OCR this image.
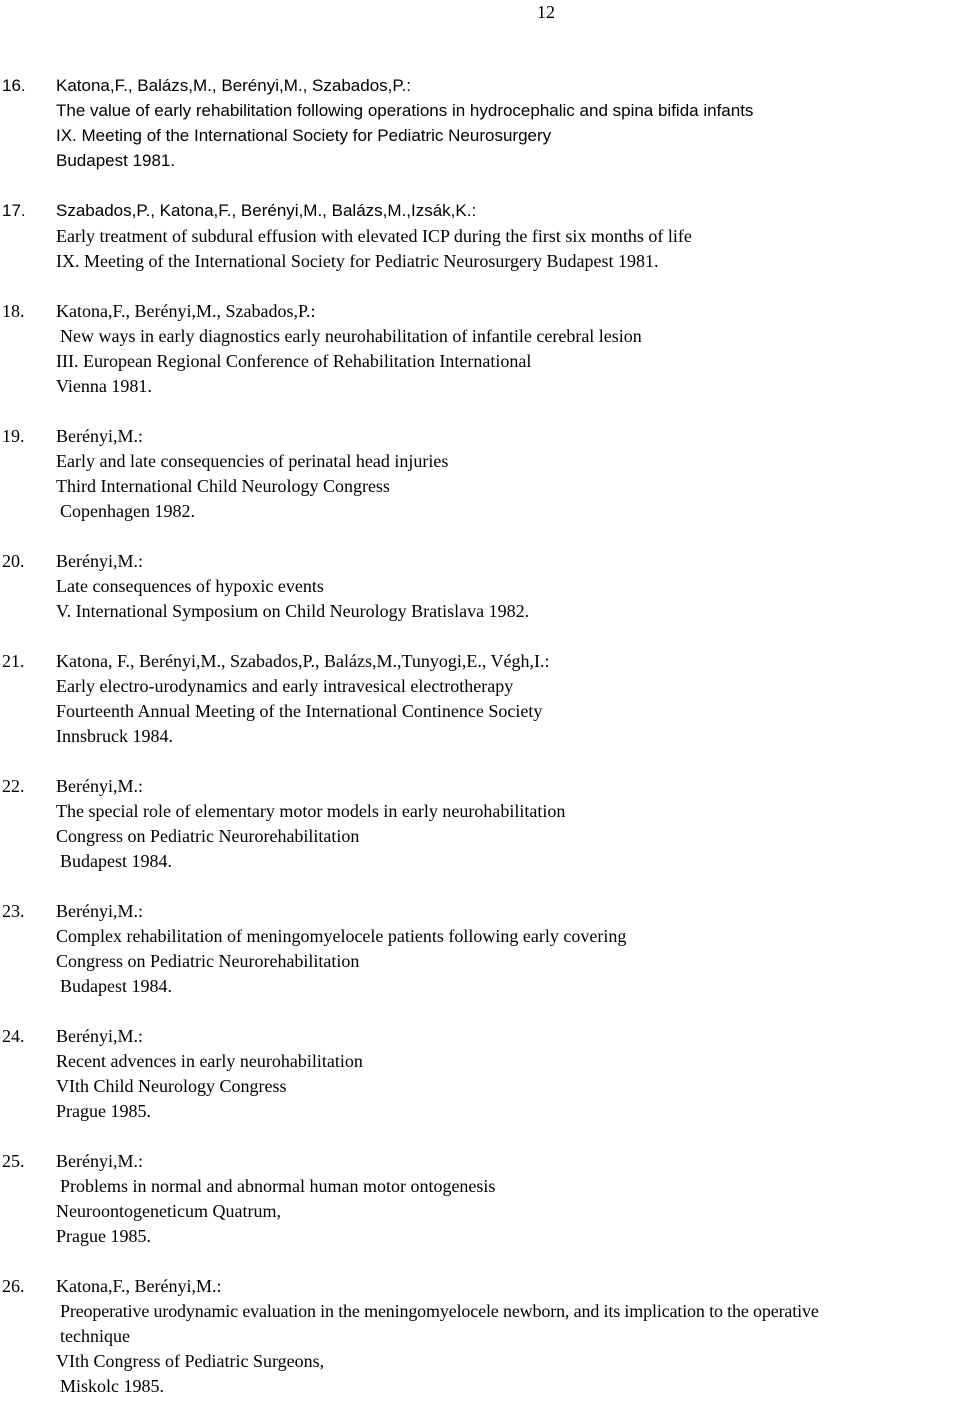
12
16. Katona,F., Balázs,M., Berényi,M., Szabados,P.:
The value of early rehabilitation following operations in hydrocephalic and spina bifida infants
IX. Meeting of the International Society for Pediatric Neurosurgery
Budapest 1981.
17. Szabados,P., Katona,F., Berényi,M., Balázs,M.,Izsák,K.:
Early treatment of subdural effusion with elevated ICP during the first six months of life
IX. Meeting of the International Society for Pediatric Neurosurgery Budapest 1981.
18. Katona,F., Berényi,M., Szabados,P.:
New ways in early diagnostics early neurohabilitation of infantile cerebral lesion
III. European Regional Conference of Rehabilitation International
Vienna 1981.
19. Berényi,M.:
Early and late consequencies of perinatal head injuries
Third International Child Neurology Congress
Copenhagen 1982.
20. Berényi,M.:
Late consequences of hypoxic events
V. International Symposium on Child Neurology Bratislava 1982.
21. Katona, F., Berényi,M., Szabados,P., Balázs,M.,Tunyogi,E., Végh,I.:
Early electro-urodynamics and early intravesical electrotherapy
Fourteenth Annual Meeting of the International Continence Society
Innsbruck 1984.
22. Berényi,M.:
The special role of elementary motor models in early neurohabilitation
Congress on Pediatric Neurorehabilitation
Budapest 1984.
23. Berényi,M.:
Complex rehabilitation of meningomyelocele patients following early covering
Congress on Pediatric Neurorehabilitation
Budapest 1984.
24. Berényi,M.:
Recent advences in early neurohabilitation
VIth Child Neurology Congress
Prague 1985.
25. Berényi,M.:
Problems in normal and abnormal human motor ontogenesis
Neuroontogeneticum Quatrum,
Prague 1985.
26. Katona,F., Berényi,M.:
Preoperative urodynamic evaluation in the meningomyelocele newborn, and its implication to the operative
technique
VIth Congress of Pediatric Surgeons,
Miskolc 1985.
